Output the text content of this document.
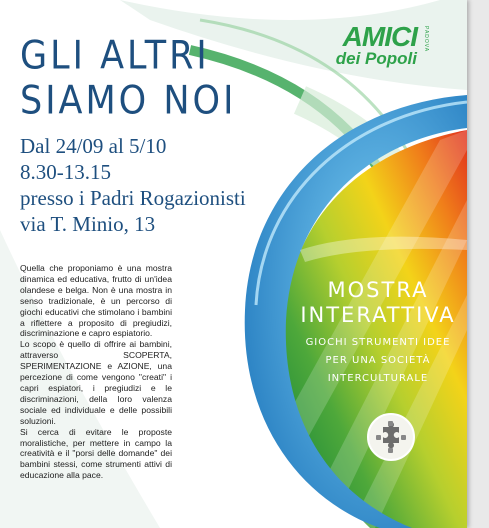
GLI ALTRI
SIAMO NOI
Dal 24/09 al 5/10
8.30-13.15
presso i Padri Rogazionisti
via T. Minio, 13

Quella che proponiamo è una mostra dinamica ed educativa, frutto di un'idea olandese e belga. Non è una mostra in senso tradizionale, è un percorso di giochi educativi che stimolano i bambini a riflettere a proposito di pregiudizi, discriminazione e capro espiatorio.

Lo scopo è quello di offrire ai bambini, attraverso SCOPERTA, SPERIMENTAZIONE e AZIONE, una percezione di come vengono "creati" i capri espiatori, i pregiudizi e le discriminazioni, della loro valenza sociale ed individuale e delle possibili soluzioni.

Si cerca di evitare le proposte moralistiche, per mettere in campo la creatività e il "porsi delle domande" dei bambini stessi, come strumenti attivi di educazione alla pace.

AMICI
dei Popoli
PADOVA
MOSTRA
INTERATTIVA
GIOCHI STRUMENTI IDEE
PER UNA SOCIETÀ
INTERCULTURALE
